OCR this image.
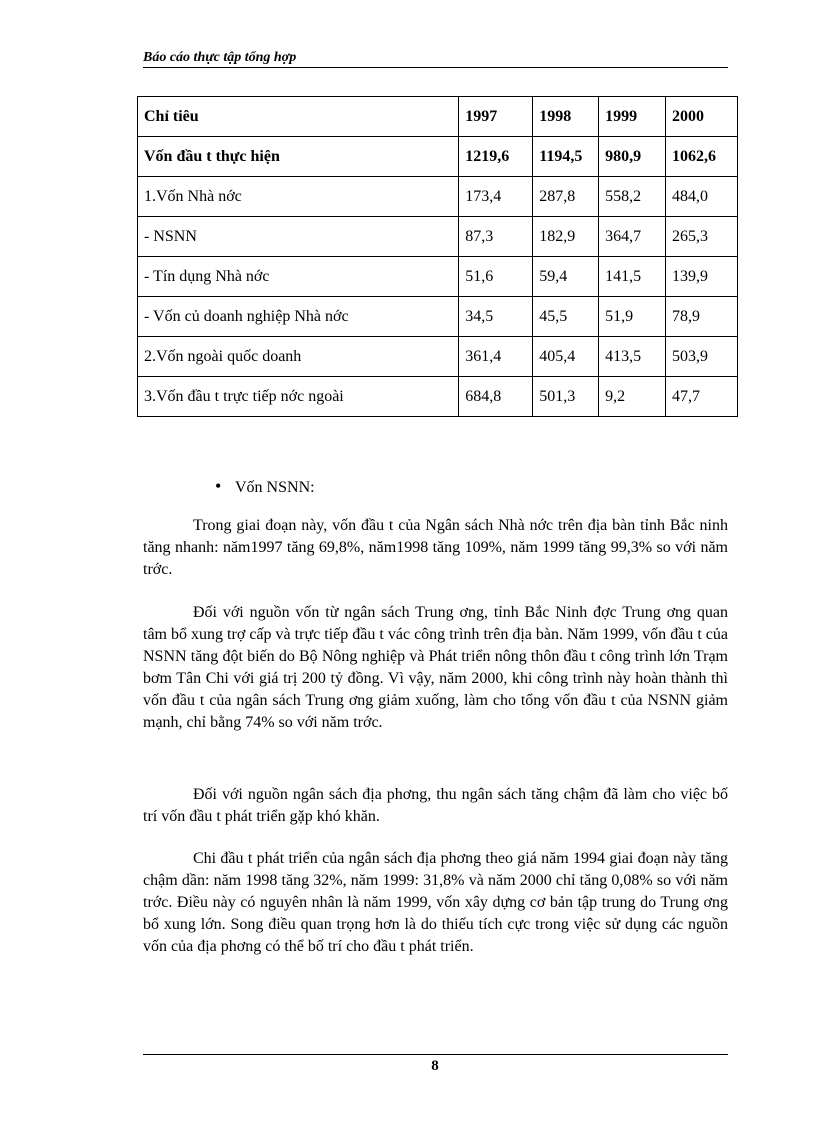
Báo cáo thực tập tổng hợp
Chỉ tiêu	1997	1998	1999	2000
Vốn đầu t thực hiện	1219,6	1194,5	980,9	1062,6
1.Vốn Nhà nớc	173,4	287,8	558,2	484,0
- NSNN	87,3	182,9	364,7	265,3
- Tín dụng Nhà nớc	51,6	59,4	141,5	139,9
- Vốn củ doanh nghiệp Nhà nớc	34,5	45,5	51,9	78,9
2.Vốn ngoài quốc doanh	361,4	405,4	413,5	503,9
3.Vốn đầu t trực tiếp nớc ngoài	684,8	501,3	9,2	47,7
• Vốn NSNN:

Trong giai đoạn này, vốn đầu t của Ngân sách Nhà nớc trên địa bàn tỉnh Bắc ninh tăng nhanh: năm1997 tăng 69,8%, năm1998 tăng 109%, năm 1999 tăng 99,3% so với năm trớc.

Đối với nguồn vốn từ ngân sách Trung ơng, tỉnh Bắc Ninh đợc Trung ơng quan tâm bổ xung trợ cấp và trực tiếp đầu t vác công trình trên địa bàn. Năm 1999, vốn đầu t của NSNN tăng đột biến do Bộ Nông nghiệp và Phát triển nông thôn đầu t công trình lớn Trạm bơm Tân Chi với giá trị 200 tỷ đồng. Vì vậy, năm 2000, khi công trình này hoàn thành thì vốn đầu t của ngân sách Trung ơng giảm xuống, làm cho tổng vốn đầu t của NSNN giảm mạnh, chỉ bằng 74% so với năm trớc.

Đối với nguồn ngân sách địa phơng, thu ngân sách tăng chậm đã làm cho việc bố trí vốn đầu t phát triển gặp khó khăn.

Chi đầu t phát triển của ngân sách địa phơng theo giá năm 1994 giai đoạn này tăng chậm dần: năm 1998 tăng 32%, năm 1999: 31,8% và năm 2000 chỉ tăng 0,08% so với năm trớc. Điều này có nguyên nhân là năm 1999, vốn xây dựng cơ bản tập trung do Trung ơng bổ xung lớn. Song điều quan trọng hơn là do thiếu tích cực trong việc sử dụng các nguồn vốn của địa phơng có thể bố trí cho đầu t phát triển.

8
